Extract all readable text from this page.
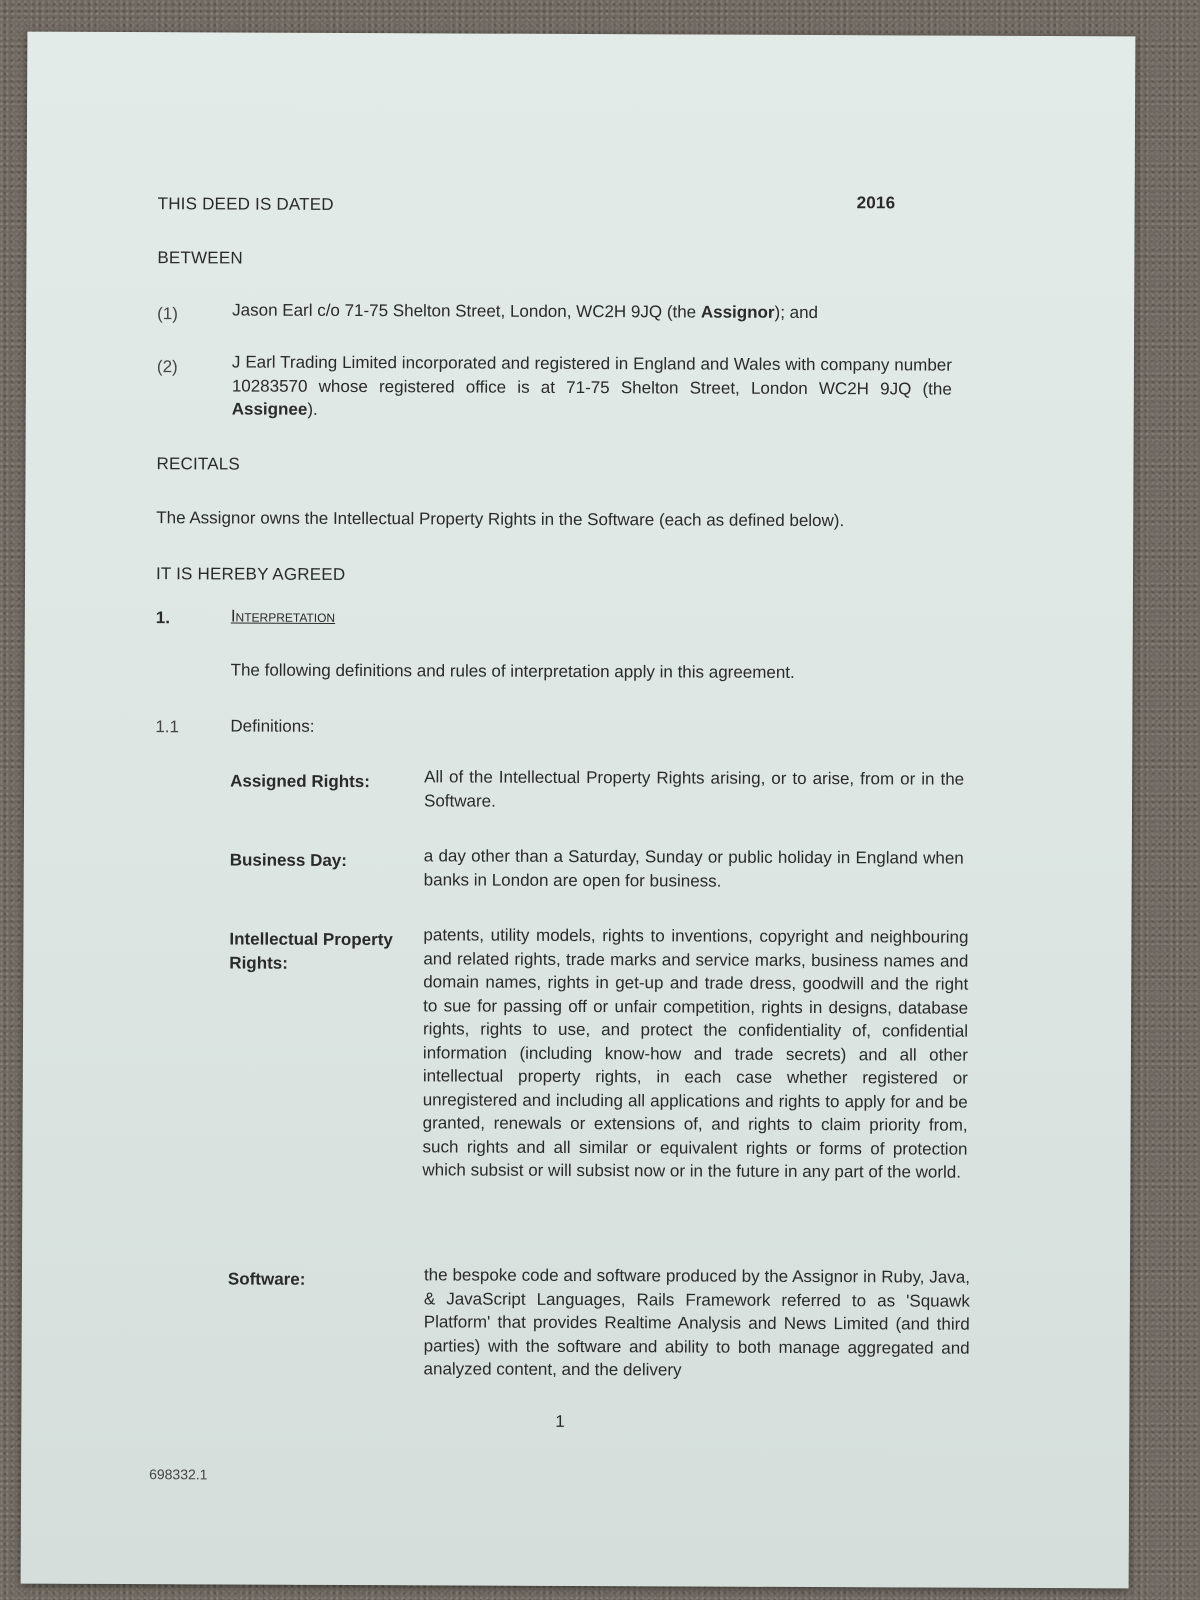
THIS DEED IS DATED	2016
BETWEEN
(1)	Jason Earl c/o 71-75 Shelton Street, London, WC2H 9JQ (the Assignor); and
(2)	J Earl Trading Limited incorporated and registered in England and Wales with company number 10283570 whose registered office is at 71-75 Shelton Street, London WC2H 9JQ (the Assignee).
RECITALS
The Assignor owns the Intellectual Property Rights in the Software (each as defined below).
IT IS HEREBY AGREED
1.	Interpretation
The following definitions and rules of interpretation apply in this agreement.
1.1	Definitions:
Assigned Rights:	All of the Intellectual Property Rights arising, or to arise, from or in the Software.
Business Day:	a day other than a Saturday, Sunday or public holiday in England when banks in London are open for business.
Intellectual Property Rights:
patents, utility models, rights to inventions, copyright and neighbouring and related rights, trade marks and service marks, business names and domain names, rights in get-up and trade dress, goodwill and the right to sue for passing off or unfair competition, rights in designs, database rights, rights to use, and protect the confidentiality of, confidential information (including know-how and trade secrets) and all other intellectual property rights, in each case whether registered or unregistered and including all applications and rights to apply for and be granted, renewals or extensions of, and rights to claim priority from, such rights and all similar or equivalent rights or forms of protection which subsist or will subsist now or in the future in any part of the world.
Software:	the bespoke code and software produced by the Assignor in Ruby, Java, & JavaScript Languages, Rails Framework referred to as 'Squawk Platform' that provides Realtime Analysis and News Limited (and third parties) with the software and ability to both manage aggregated and analyzed content, and the delivery
1
698332.1
